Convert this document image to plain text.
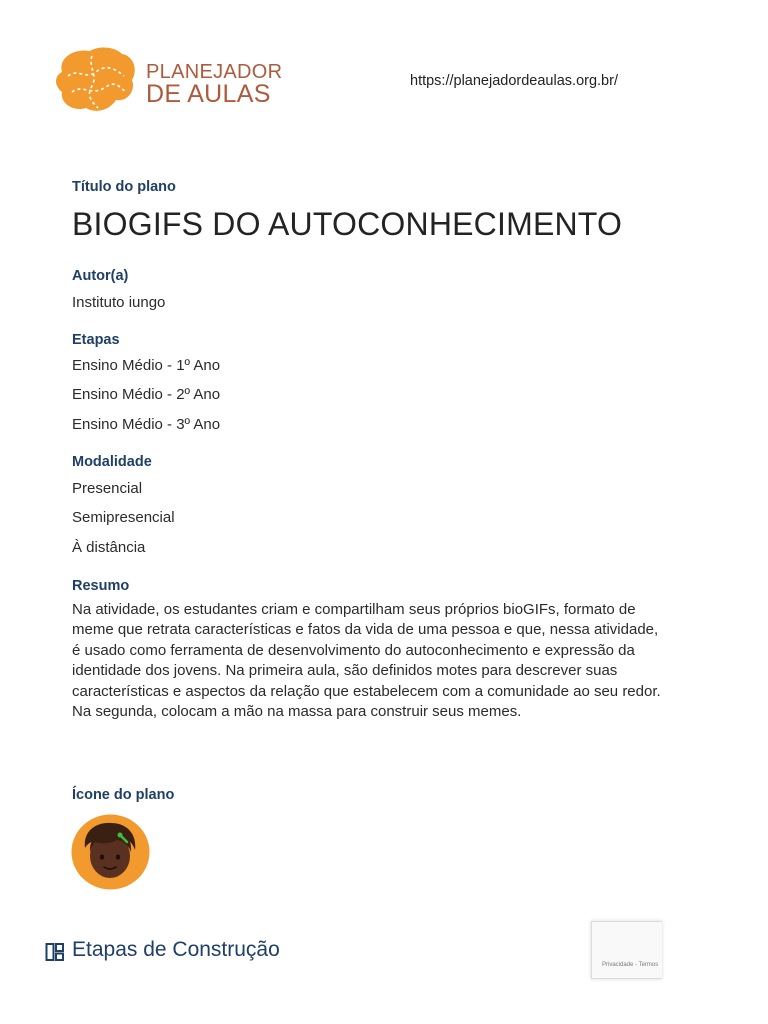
PLANEJADOR
DE AULAS	https://planejadordeaulas.org.br/
Título do plano
BIOGIFS DO AUTOCONHECIMENTO
Autor(a)
Instituto iungo
Etapas
Ensino Médio - 1º Ano
Ensino Médio - 2º Ano
Ensino Médio - 3º Ano
Modalidade
Presencial
Semipresencial
À distância
Resumo
Na atividade, os estudantes criam e compartilham seus próprios bioGIFs, formato de meme que retrata características e fatos da vida de uma pessoa e que, nessa atividade, é usado como ferramenta de desenvolvimento do autoconhecimento e expressão da identidade dos jovens. Na primeira aula, são definidos motes para descrever suas características e aspectos da relação que estabelecem com a comunidade ao seu redor. Na segunda, colocam a mão na massa para construir seus memes.
Ícone do plano
Etapas de Construção
Privacidade - Termos
